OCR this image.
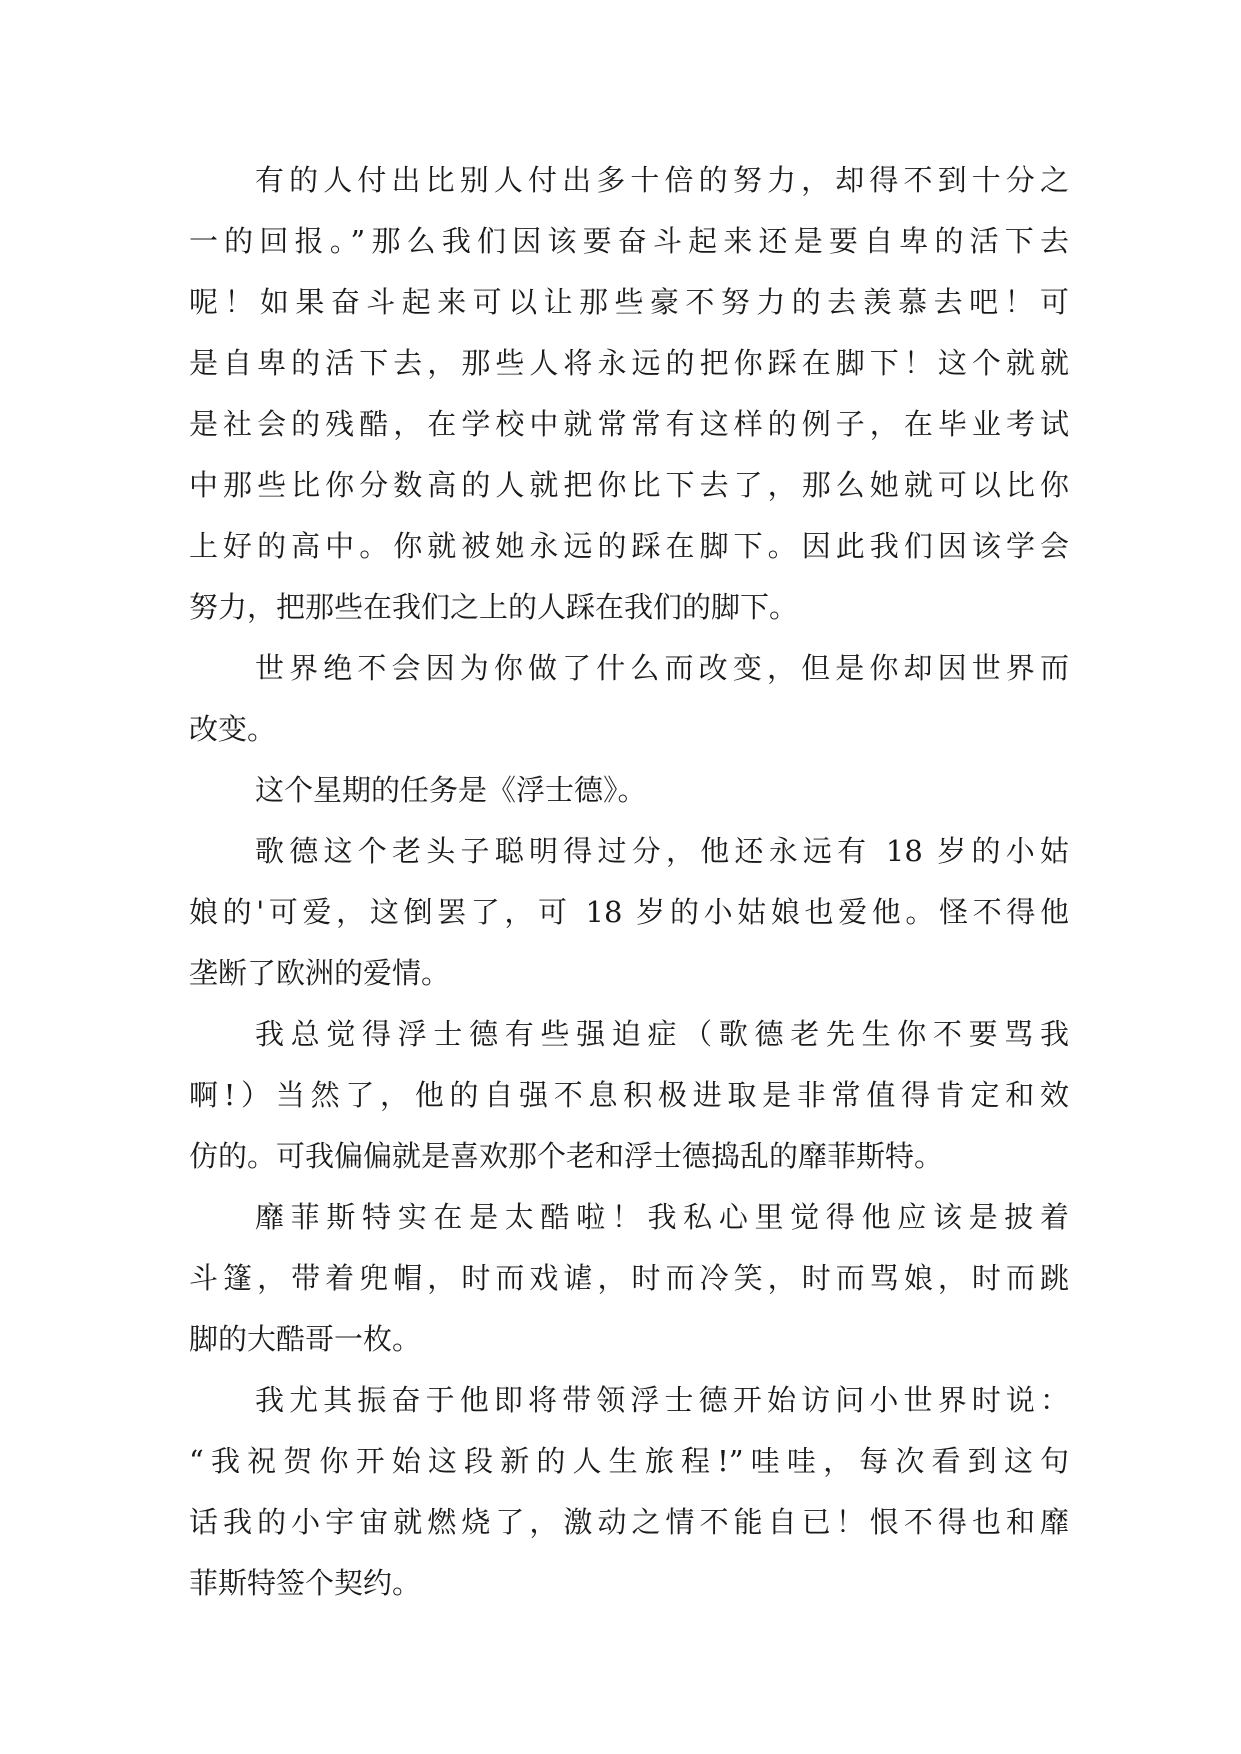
有的人付出比别人付出多十倍的努力，却得不到十分之
一的回报。”那么我们因该要奋斗起来还是要自卑的活下去
呢！如果奋斗起来可以让那些豪不努力的去羡慕去吧！可
是自卑的活下去，那些人将永远的把你踩在脚下！这个就就
是社会的残酷，在学校中就常常有这样的例子，在毕业考试
中那些比你分数高的人就把你比下去了，那么她就可以比你
上好的高中。你就被她永远的踩在脚下。因此我们因该学会
努力，把那些在我们之上的人踩在我们的脚下。
世界绝不会因为你做了什么而改变，但是你却因世界而
改变。
这个星期的任务是《浮士德》。
歌德这个老头子聪明得过分，他还永远有 18 岁的小姑
娘的'可爱，这倒罢了，可 18 岁的小姑娘也爱他。怪不得他
垄断了欧洲的爱情。
我总觉得浮士德有些强迫症（歌德老先生你不要骂我
啊!）当然了，他的自强不息积极进取是非常值得肯定和效
仿的。可我偏偏就是喜欢那个老和浮士德捣乱的靡菲斯特。
靡菲斯特实在是太酷啦！我私心里觉得他应该是披着
斗篷，带着兜帽，时而戏谑，时而冷笑，时而骂娘，时而跳
脚的大酷哥一枚。
我尤其振奋于他即将带领浮士德开始访问小世界时说：
“我祝贺你开始这段新的人生旅程!”哇哇，每次看到这句
话我的小宇宙就燃烧了，激动之情不能自已！恨不得也和靡
菲斯特签个契约。
